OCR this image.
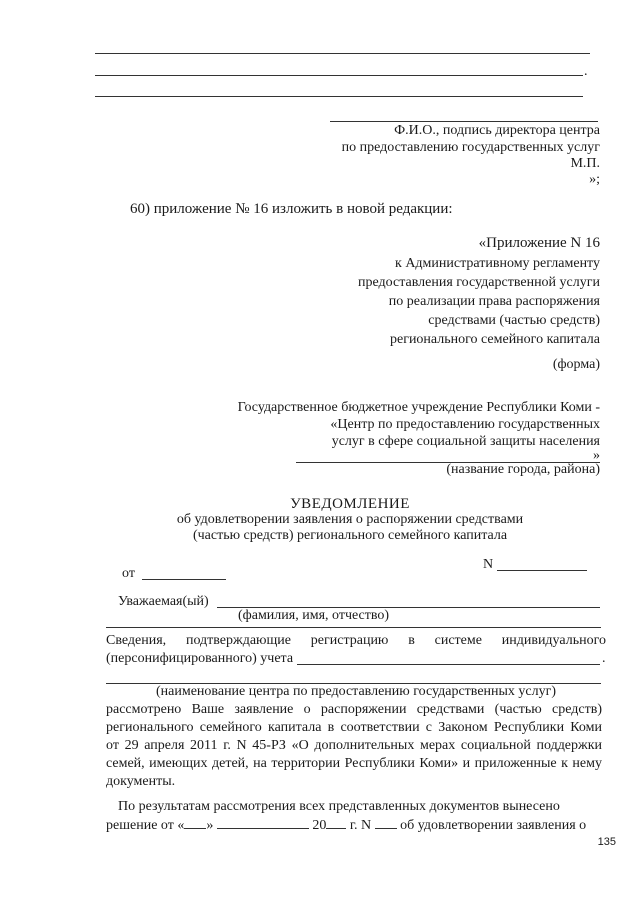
.
Ф.И.О., подпись директора центра
по предоставлению государственных услуг
М.П.
»;
60) приложение № 16 изложить в новой редакции:
«Приложение N 16
к Административному регламенту
предоставления государственной услуги
по реализации права распоряжения
средствами (частью средств)
регионального семейного капитала
(форма)
Государственное бюджетное учреждение Республики Коми -
«Центр по предоставлению государственных
услуг в сфере социальной защиты населения
»
(название города, района)
УВЕДОМЛЕНИЕ
об удовлетворении заявления о распоряжении средствами
(частью средств) регионального семейного капитала
от
N
Уважаемая(ый)
(фамилия, имя, отчество)
Сведения, подтверждающие регистрацию в системе индивидуального
(персонифицированного) учета	.
(наименование центра по предоставлению государственных услуг)
рассмотрено Ваше заявление о распоряжении средствами (частью средств)
регионального семейного капитала в соответствии с Законом Республики Коми
от 29 апреля 2011 г. N 45-РЗ «О дополнительных мерах социальной поддержки
семей, имеющих детей, на территории Республики Коми» и приложенные к нему
документы.
По результатам рассмотрения всех представленных документов вынесено
решение от « »	20 г. N об удовлетворении заявления о
135
